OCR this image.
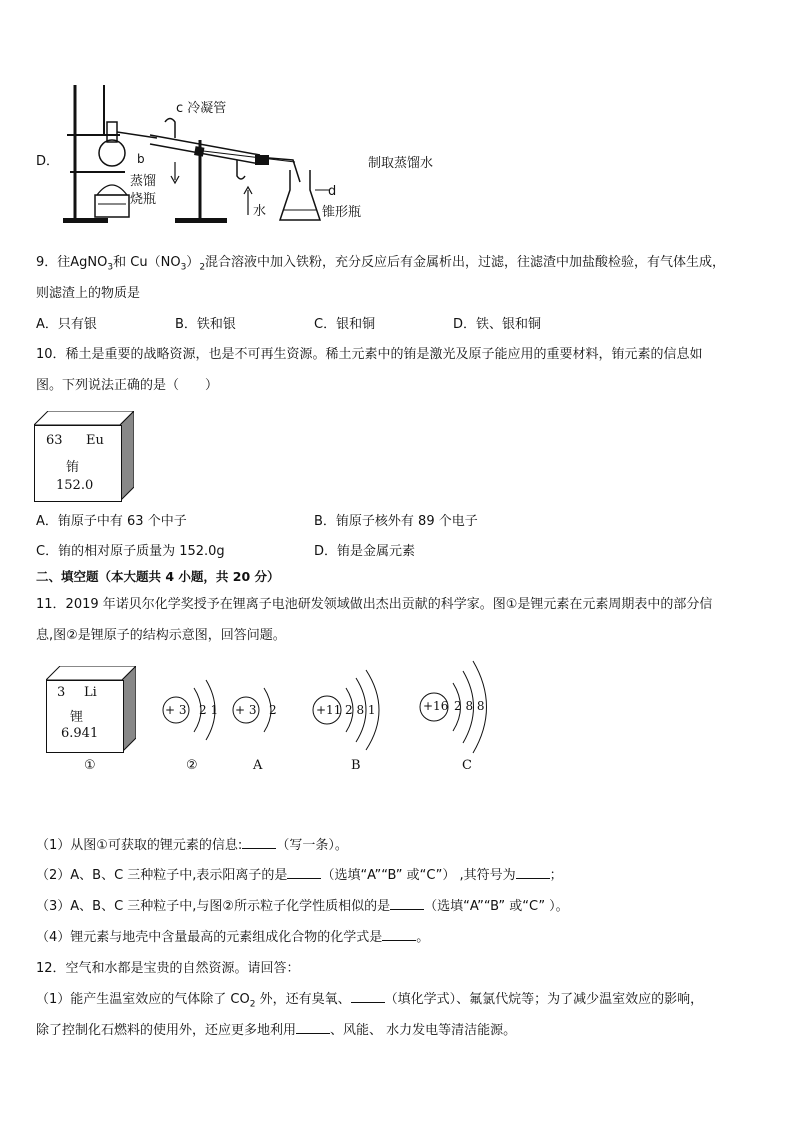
D．
c 冷凝管
b
蒸馏
烧瓶
水
d
锥形瓶
制取蒸馏水
9．往AgNO$_3$和 $Cu(NO_3)_2$混合溶液中加入铁粉，充分反应后有金属析出，过滤，往滤渣中加盐酸检验，有气体生成，
则滤渣上的物质是
A．只有银	B．铁和银	C．银和铜	D．铁、银和铜
10．稀土是重要的战略资源，也是不可再生资源。稀土元素中的铕是激光及原子能应用的重要材料，铕元素的信息如
图。下列说法正确的是（　　）
63 Eu
铕
152.0
A．铕原子中有 63 个中子	B．铕原子核外有 89 个电子
C．铕的相对原子质量为 152.0g	D．铕是金属元素
二、填空题（本大题共 4 小题，共 20 分）
11．2019 年诺贝尔化学奖授予在锂离子电池研发领域做出杰出贡献的科学家。图①是锂元素在元素周期表中的部分信
息,图②是锂原子的结构示意图，回答问题。
3 Li
锂
6.941
+ 3 2 1 + 3 2	+11 2 8 1	+16 2 8 8
①	②	A	B	C
（1）从图①可获取的锂元素的信息:	（写一条）。
（2）A、B、C 三种粒子中,表示阳离子的是	（选填“A”“B” 或“C”） ,其符号为	；
（3）A、B、C 三种粒子中,与图②所示粒子化学性质相似的是	（选填“A”“B” 或“C” ）。
（4）锂元素与地壳中含量最高的元素组成化合物的化学式是	。
12．空气和水都是宝贵的自然资源。请回答：
（1）能产生温室效应的气体除了 $CO_2$ 外，还有臭氧、	（填化学式）、氟氯代烷等；为了减少温室效应的影响，
除了控制化石燃料的使用外，还应更多地利用	、风能、 水力发电等清洁能源。
